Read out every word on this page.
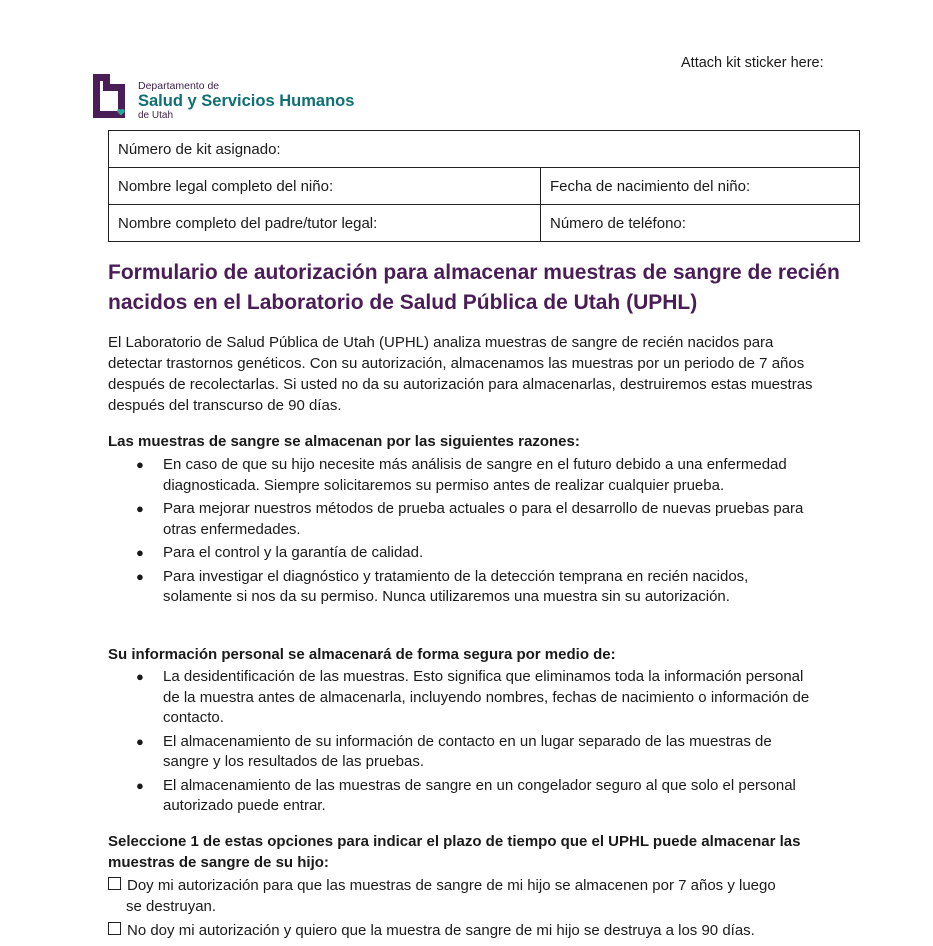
Attach kit sticker here:
Departamento de
Salud y Servicios Humanos
de Utah
Número de kit asignado:	
Nombre legal completo del niño:	Fecha de nacimiento del niño:
Nombre completo del padre/tutor legal:	Número de teléfono:
Formulario de autorización para almacenar muestras de sangre de recién nacidos en el Laboratorio de Salud Pública de Utah (UPHL)

El Laboratorio de Salud Pública de Utah (UPHL) analiza muestras de sangre de recién nacidos para detectar trastornos genéticos. Con su autorización, almacenamos las muestras por un periodo de 7 años después de recolectarlas. Si usted no da su autorización para almacenarlas, destruiremos estas muestras después del transcurso de 90 días.

Las muestras de sangre se almacenan por las siguientes razones:

● En caso de que su hijo necesite más análisis de sangre en el futuro debido a una enfermedad diagnosticada. Siempre solicitaremos su permiso antes de realizar cualquier prueba.
● Para mejorar nuestros métodos de prueba actuales o para el desarrollo de nuevas pruebas para otras enfermedades.
● Para el control y la garantía de calidad.
● Para investigar el diagnóstico y tratamiento de la detección temprana en recién nacidos, solamente si nos da su permiso. Nunca utilizaremos una muestra sin su autorización.

Su información personal se almacenará de forma segura por medio de:

● La desidentificación de las muestras. Esto significa que eliminamos toda la información personal de la muestra antes de almacenarla, incluyendo nombres, fechas de nacimiento o información de contacto.
● El almacenamiento de su información de contacto en un lugar separado de las muestras de sangre y los resultados de las pruebas.
● El almacenamiento de las muestras de sangre en un congelador seguro al que solo el personal autorizado puede entrar.

Seleccione 1 de estas opciones para indicar el plazo de tiempo que el UPHL puede almacenar las muestras de sangre de su hijo:

Doy mi autorización para que las muestras de sangre de mi hijo se almacenen por 7 años y luego
se destruyan.
No doy mi autorización y quiero que la muestra de sangre de mi hijo se destruya a los 90 días.
